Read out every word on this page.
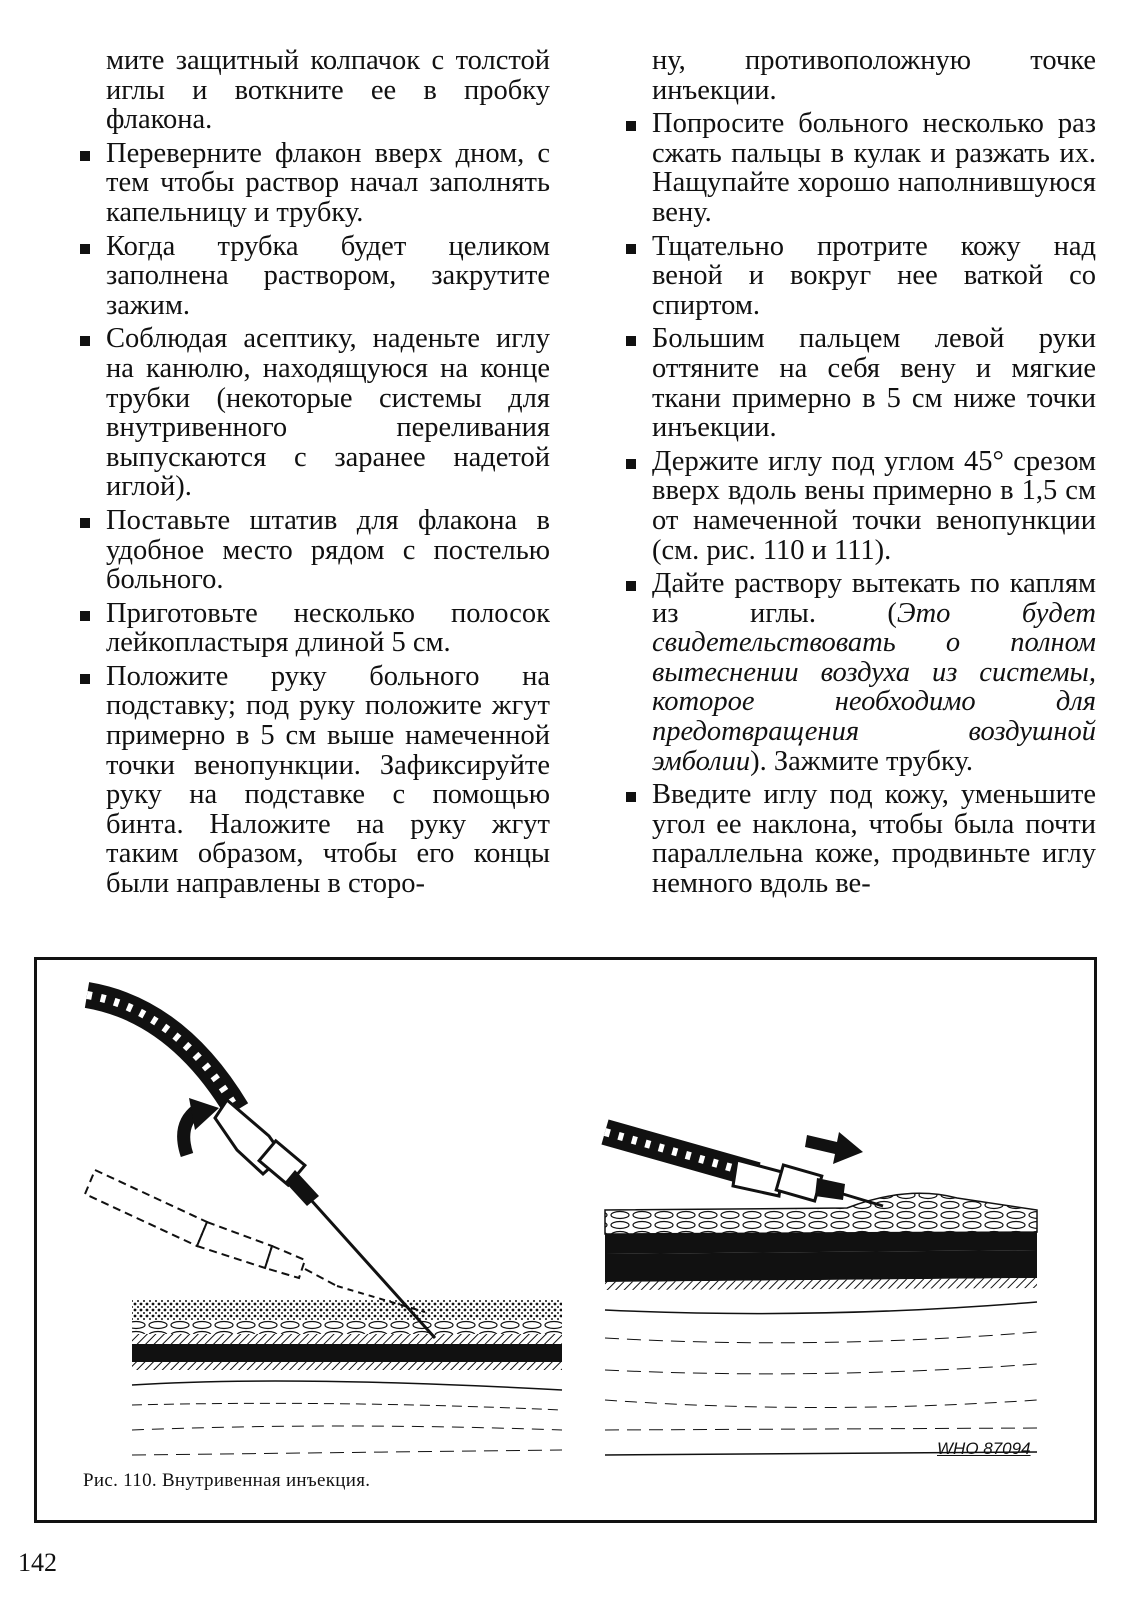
мите защитный колпачок с толстой иглы и воткните ее в пробку флакона.

Переверните флакон вверх дном, с тем чтобы раствор начал заполнять капельницу и трубку.
Когда трубка будет целиком заполнена раствором, закрутите зажим.
Соблюдая асептику, наденьте иглу на канюлю, находящуюся на конце трубки (некоторые системы для внутривенного переливания выпускаются с заранее надетой иглой).
Поставьте штатив для флакона в удобное место рядом с постелью больного.
Приготовьте несколько полосок лейкопластыря длиной 5 см.
Положите руку больного на подставку; под руку положите жгут примерно в 5 см выше намеченной точки венопункции. Зафиксируйте руку на подставке с помощью бинта. Наложите на руку жгут таким образом, чтобы его концы были направлены в сторо-

ну, противоположную точке инъекции.

Попросите больного несколько раз сжать пальцы в кулак и разжать их. Нащупайте хорошо наполнившуюся вену.
Тщательно протрите кожу над веной и вокруг нее ваткой со спиртом.
Большим пальцем левой руки оттяните на себя вену и мягкие ткани примерно в 5 см ниже точки инъекции.
Держите иглу под углом 45° срезом вверх вдоль вены примерно в 1,5 см от намеченной точки венопункции (см. рис. 110 и 111).
Дайте раствору вытекать по каплям из иглы. (Это будет свидетельствовать о полном вытеснении воздуха из системы, которое необходимо для предотвращения воздушной эмболии). Зажмите трубку.
Введите иглу под кожу, уменьшите угол ее наклона, чтобы была почти параллельна коже, продвиньте иглу немного вдоль ве-
WHO 87094
Рис. 110. Внутривенная инъекция.
142
